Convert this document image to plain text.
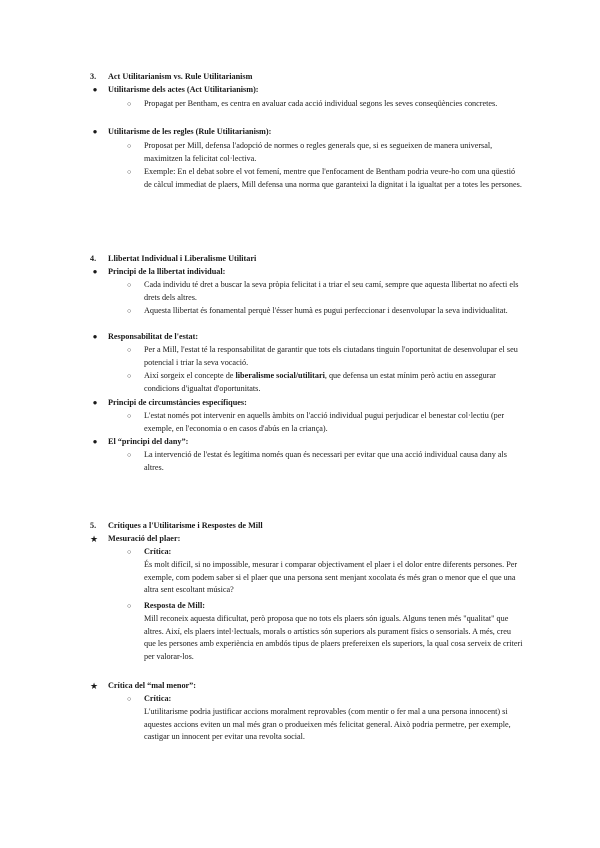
3. Act Utilitarianism vs. Rule Utilitarianism
●	Utilitarisme dels actes (Act Utilitarianism):
○ Propagat per Bentham, es centra en avaluar cada acció individual segons les seves conseqüències concretes.
●	Utilitarisme de les regles (Rule Utilitarianism):
○ Proposat per Mill, defensa l'adopció de normes o regles generals que, si es segueixen de manera universal, maximitzen la felicitat col·lectiva.
○ Exemple: En el debat sobre el vot femení, mentre que l'enfocament de Bentham podria veure-ho com una qüestió de càlcul immediat de plaers, Mill defensa una norma que garanteixi la dignitat i la igualtat per a totes les persones.
4. Llibertat Individual i Liberalisme Utilitari
●	Principi de la llibertat individual:
○ Cada individu té dret a buscar la seva pròpia felicitat i a triar el seu camí, sempre que aquesta llibertat no afecti els drets dels altres.
○ Aquesta llibertat és fonamental perquè l'ésser humà es pugui perfeccionar i desenvolupar la seva individualitat.
●	Responsabilitat de l'estat:
○ Per a Mill, l'estat té la responsabilitat de garantir que tots els ciutadans tinguin l'oportunitat de desenvolupar el seu potencial i triar la seva vocació.
○ Així sorgeix el concepte de liberalisme social/utilitari, que defensa un estat mínim però actiu en assegurar condicions d'igualtat d'oportunitats.
●	Principi de circumstàncies específiques:
○ L'estat només pot intervenir en aquells àmbits on l'acció individual pugui perjudicar el benestar col·lectiu (per exemple, en l'economia o en casos d'abús en la criança).
●	El “principi del dany”:
○ La intervenció de l'estat és legítima només quan és necessari per evitar que una acció individual causa dany als altres.
5. Crítiques a l'Utilitarisme i Respostes de Mill
★ Mesuració del plaer:
○ Crítica:
És molt difícil, si no impossible, mesurar i comparar objectivament el plaer i el dolor entre diferents persones. Per exemple, com podem saber si el plaer que una persona sent menjant xocolata és més gran o menor que el que una altra sent escoltant música?
○ Resposta de Mill:
Mill reconeix aquesta dificultat, però proposa que no tots els plaers són iguals. Alguns tenen més "qualitat" que altres. Així, els plaers intel·lectuals, morals o artístics són superiors als purament físics o sensorials. A més, creu que les persones amb experiència en ambdós tipus de plaers prefereixen els superiors, la qual cosa serveix de criteri per valorar-los.
★ Crítica del “mal menor”:
○ Crítica:
L'utilitarisme podria justificar accions moralment reprovables (com mentir o fer mal a una persona innocent) si aquestes accions eviten un mal més gran o produeixen més felicitat general. Això podria permetre, per exemple, castigar un innocent per evitar una revolta social.
